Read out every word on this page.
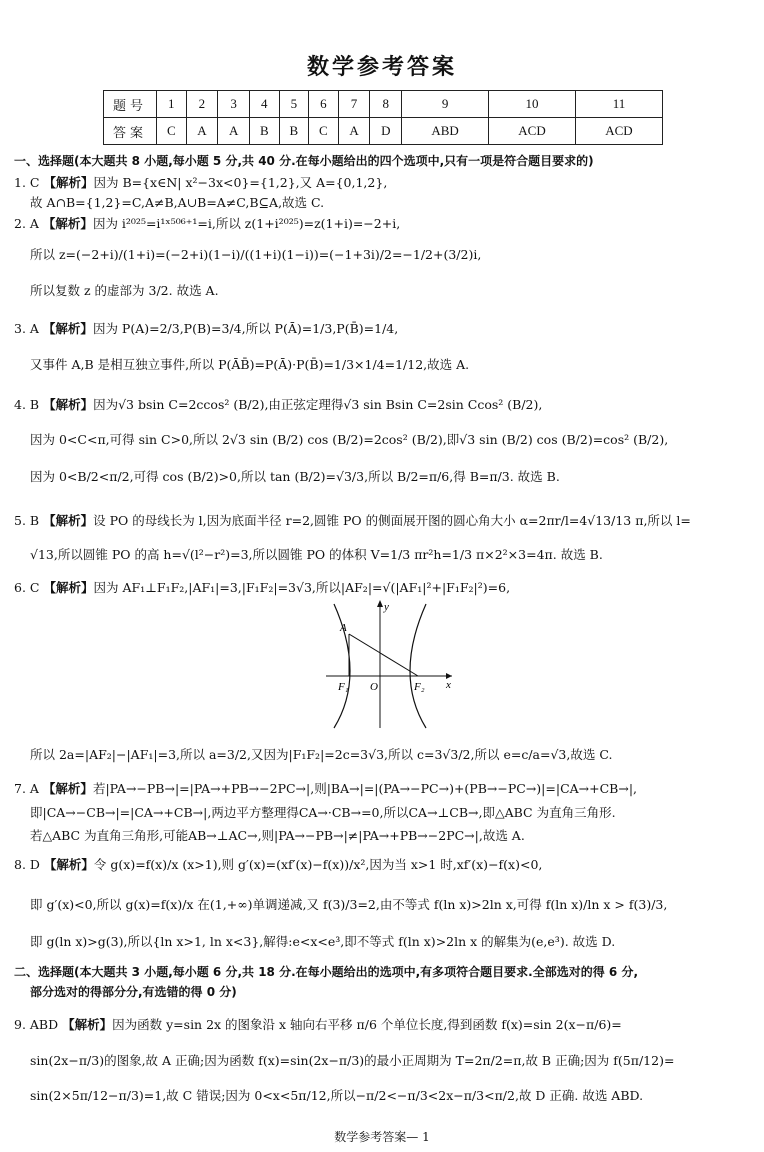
数学参考答案
题号	1	2	3	4	5	6	7	8	9	10	11
答案	C	A	A	B	B	C	A	D	ABD	ACD	ACD
一、选择题(本大题共 8 小题,每小题 5 分,共 40 分.在每小题给出的四个选项中,只有一项是符合题目要求的)
1. C 【解析】因为 B={x∈N| x²−3x<0}={1,2},又 A={0,1,2},
故 A∩B={1,2}=C,A≠B,A∪B=A≠C,B⊆A,故选 C.
2. A 【解析】因为 i²⁰²⁵=i¹ˣ⁵⁰⁶⁺¹=i,所以 z(1+i²⁰²⁵)=z(1+i)=−2+i,
所以 z=(−2+i)/(1+i)=(−2+i)(1−i)/((1+i)(1−i))=(−1+3i)/2=−1/2+(3/2)i,
所以复数 z 的虚部为 3/2. 故选 A.
3. A 【解析】因为 P(A)=2/3,P(B)=3/4,所以 P(Ā)=1/3,P(B̄)=1/4,
又事件 A,B 是相互独立事件,所以 P(ĀB̄)=P(Ā)·P(B̄)=1/3×1/4=1/12,故选 A.
4. B 【解析】因为√3 bsin C=2ccos² (B/2),由正弦定理得√3 sin Bsin C=2sin Ccos² (B/2),
因为 0<C<π,可得 sin C>0,所以 2√3 sin (B/2) cos (B/2)=2cos² (B/2),即√3 sin (B/2) cos (B/2)=cos² (B/2),
因为 0<B/2<π/2,可得 cos (B/2)>0,所以 tan (B/2)=√3/3,所以 B/2=π/6,得 B=π/3. 故选 B.
5. B 【解析】设 PO 的母线长为 l,因为底面半径 r=2,圆锥 PO 的侧面展开图的圆心角大小 α=2πr/l=4√13/13 π,所以 l=
√13,所以圆锥 PO 的高 h=√(l²−r²)=3,所以圆锥 PO 的体积 V=1/3 πr²h=1/3 π×2²×3=4π. 故选 B.
6. C 【解析】因为 AF₁⊥F₁F₂,|AF₁|=3,|F₁F₂|=3√3,所以|AF₂|=√(|AF₁|²+|F₁F₂|²)=6,
y
x
A
F₁ O	F₂
所以 2a=|AF₂|−|AF₁|=3,所以 a=3/2,又因为|F₁F₂|=2c=3√3,所以 c=3√3/2,所以 e=c/a=√3,故选 C.
7. A 【解析】若|PA→−PB→|=|PA→+PB→−2PC→|,则|BA→|=|(PA→−PC→)+(PB→−PC→)|=|CA→+CB→|,
即|CA→−CB→|=|CA→+CB→|,两边平方整理得CA→·CB→=0,所以CA→⊥CB→,即△ABC 为直角三角形.
若△ABC 为直角三角形,可能AB→⊥AC→,则|PA→−PB→|≠|PA→+PB→−2PC→|,故选 A.
8. D 【解析】令 g(x)=f(x)/x (x>1),则 g′(x)=(xf′(x)−f(x))/x²,因为当 x>1 时,xf′(x)−f(x)<0,
即 g′(x)<0,所以 g(x)=f(x)/x 在(1,+∞)单调递减,又 f(3)/3=2,由不等式 f(ln x)>2ln x,可得 f(ln x)/ln x > f(3)/3,
即 g(ln x)>g(3),所以{ln x>1, ln x<3},解得:e<x<e³,即不等式 f(ln x)>2ln x 的解集为(e,e³). 故选 D.
二、选择题(本大题共 3 小题,每小题 6 分,共 18 分.在每小题给出的选项中,有多项符合题目要求.全部选对的得 6 分,
部分选对的得部分分,有选错的得 0 分)
9. ABD 【解析】因为函数 y=sin 2x 的图象沿 x 轴向右平移 π/6 个单位长度,得到函数 f(x)=sin 2(x−π/6)=
sin(2x−π/3)的图象,故 A 正确;因为函数 f(x)=sin(2x−π/3)的最小正周期为 T=2π/2=π,故 B 正确;因为 f(5π/12)=
sin(2×5π/12−π/3)=1,故 C 错误;因为 0<x<5π/12,所以−π/2<−π/3<2x−π/3<π/2,故 D 正确. 故选 ABD.
数学参考答案— 1
